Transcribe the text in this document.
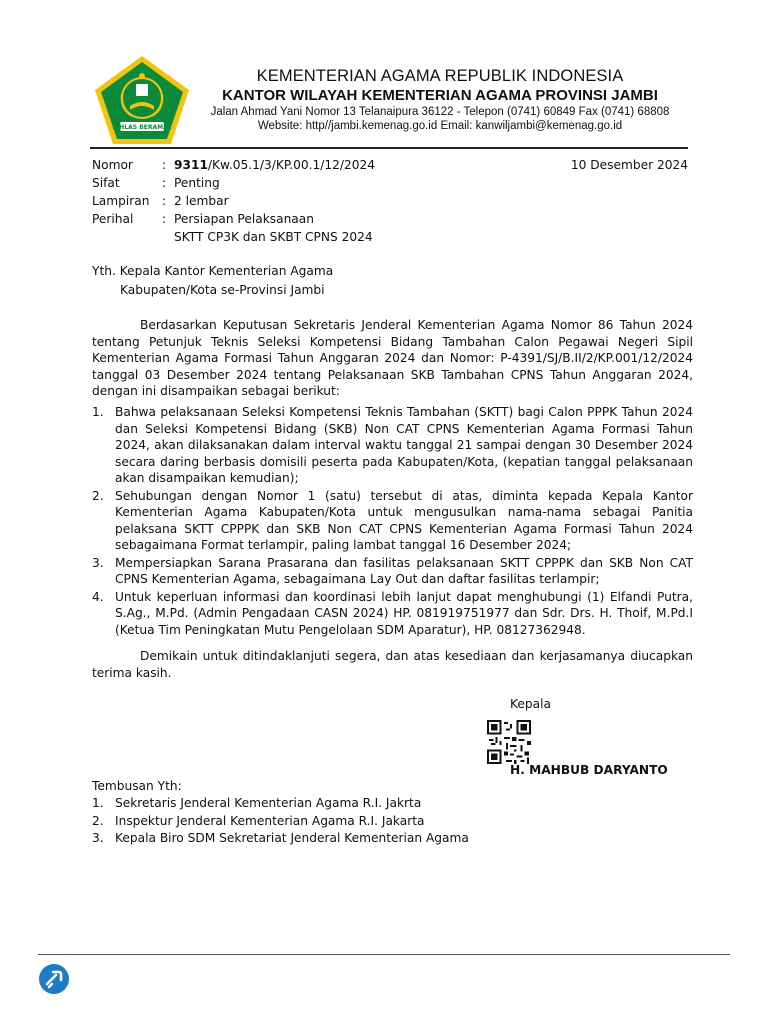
IKHLAS BERAMAL
KEMENTERIAN AGAMA REPUBLIK INDONESIA
KANTOR WILAYAH KEMENTERIAN AGAMA PROVINSI JAMBI
Jalan Ahmad Yani Nomor 13 Telanaipura 36122 - Telepon (0741) 60849 Fax (0741) 68808
Website: http//jambi.kemenag.go.id Email: kanwiljambi@kemenag.go.id
Nomor	: 9311/Kw.05.1/3/KP.00.1/12/2024	10 Desember 2024
Sifat	: Penting
Lampiran	: 2 lembar
Perihal	: Persiapan Pelaksanaan
SKTT CP3K dan SKBT CPNS 2024
Yth. Kepala Kantor Kementerian Agama
Kabupaten/Kota se-Provinsi Jambi
Berdasarkan Keputusan Sekretaris Jenderal Kementerian Agama Nomor 86 Tahun 2024 tentang Petunjuk Teknis Seleksi Kompetensi Bidang Tambahan Calon Pegawai Negeri Sipil Kementerian Agama Formasi Tahun Anggaran 2024 dan Nomor: P-4391/SJ/B.II/2/KP.001/12/2024 tanggal 03 Desember 2024 tentang Pelaksanaan SKB Tambahan CPNS Tahun Anggaran 2024, dengan ini disampaikan sebagai berikut:
1. Bahwa pelaksanaan Seleksi Kompetensi Teknis Tambahan (SKTT) bagi Calon PPPK Tahun 2024 dan Seleksi Kompetensi Bidang (SKB) Non CAT CPNS Kementerian Agama Formasi Tahun 2024, akan dilaksanakan dalam interval waktu tanggal 21 sampai dengan 30 Desember 2024 secara daring berbasis domisili peserta pada Kabupaten/Kota, (kepatian tanggal pelaksanaan akan disampaikan kemudian);
2. Sehubungan dengan Nomor 1 (satu) tersebut di atas, diminta kepada Kepala Kantor Kementerian Agama Kabupaten/Kota untuk mengusulkan nama-nama sebagai Panitia pelaksana SKTT CPPPK dan SKB Non CAT CPNS Kementerian Agama Formasi Tahun 2024 sebagaimana Format terlampir, paling lambat tanggal 16 Desember 2024;
3. Mempersiapkan Sarana Prasarana dan fasilitas pelaksanaan SKTT CPPPK dan SKB Non CAT CPNS Kementerian Agama, sebagaimana Lay Out dan daftar fasilitas terlampir;
4. Untuk keperluan informasi dan koordinasi lebih lanjut dapat menghubungi (1) Elfandi Putra, S.Ag., M.Pd. (Admin Pengadaan CASN 2024) HP. 081919751977 dan Sdr. Drs. H. Thoif, M.Pd.I (Ketua Tim Peningkatan Mutu Pengelolaan SDM Aparatur), HP. 08127362948.
Demikain untuk ditindaklanjuti segera, dan atas kesediaan dan kerjasamanya diucapkan terima kasih.
Kepala
H. MAHBUB DARYANTO
Tembusan Yth:
1. Sekretaris Jenderal Kementerian Agama R.I. Jakrta
2. Inspektur Jenderal Kementerian Agama R.I. Jakarta
3. Kepala Biro SDM Sekretariat Jenderal Kementerian Agama
